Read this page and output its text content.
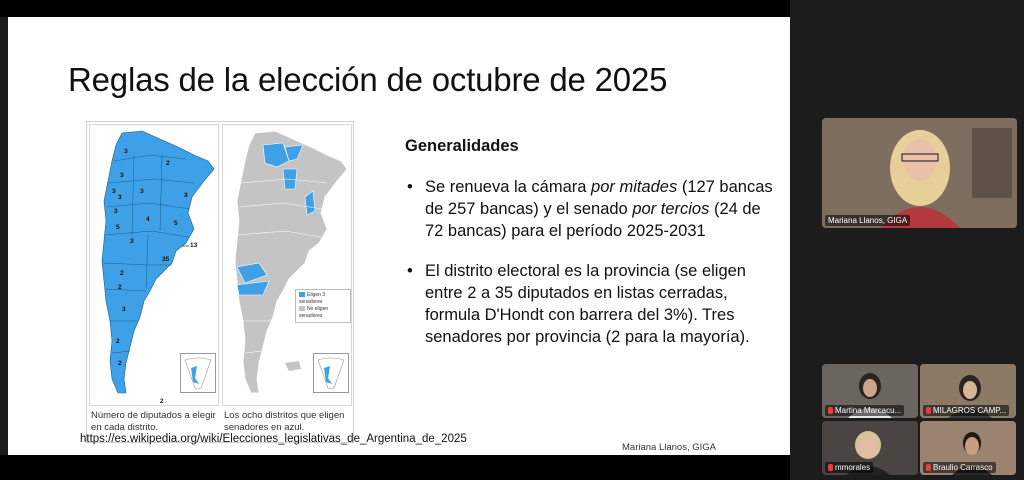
Reglas de la elección de octubre de 2025
3
2
3
3	3
3
3
3
4
5
5
3
13
35
2
2
3
2
2
2
Eligen 3 senadores
No eligen senadores
Número de diputados a elegir en cada distrito.
Los ocho distritos que eligen senadores en azul.
Generalidades
• Se renueva la cámara por mitades (127 bancas de 257 bancas) y el senado por tercios (24 de 72 bancas) para el período 2025-2031
• El distrito electoral es la provincia (se eligen entre 2 a 35 diputados en listas cerradas, formula D'Hondt con barrera del 3%). Tres senadores por provincia (2 para la mayoría).
Mariana Llanos, GIGA
https://es.wikipedia.org/wiki/Elecciones_legislativas_de_Argentina_de_2025
Mariana Llanos, GIGA
Martina Marcacu...	MILAGROS CAMP...
mmorales	Braulio Carrasco
